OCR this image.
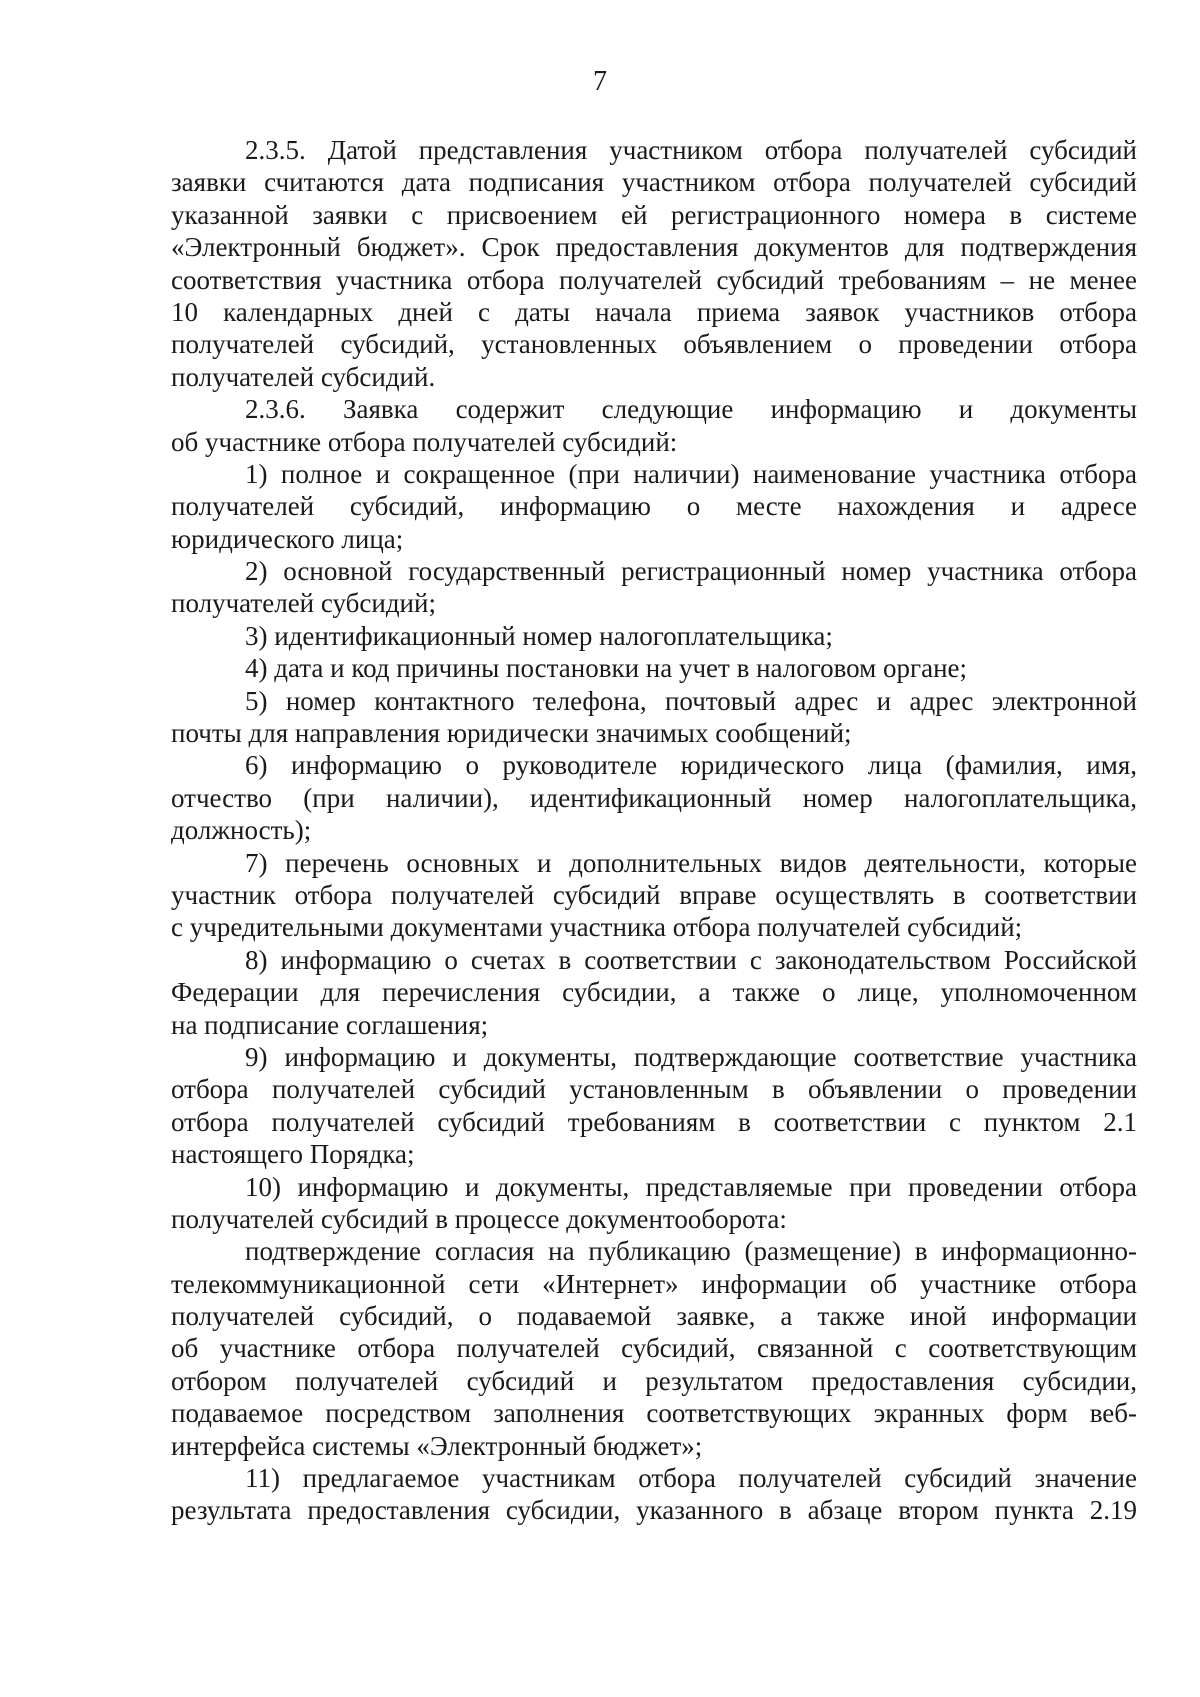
7

2.3.5. Датой представления участником отбора получателей субсидий
заявки считаются дата подписания участником отбора получателей субсидий
указанной заявки с присвоением ей регистрационного номера в системе
«Электронный бюджет». Срок предоставления документов для подтверждения
соответствия участника отбора получателей субсидий требованиям – не менее
10 календарных дней с даты начала приема заявок участников отбора
получателей субсидий, установленных объявлением о проведении отбора
получателей субсидий.

2.3.6. Заявка содержит следующие информацию и документы
об участнике отбора получателей субсидий:

1) полное и сокращенное (при наличии) наименование участника отбора
получателей субсидий, информацию о месте нахождения и адресе
юридического лица;

2) основной государственный регистрационный номер участника отбора
получателей субсидий;

3) идентификационный номер налогоплательщика;

4) дата и код причины постановки на учет в налоговом органе;

5) номер контактного телефона, почтовый адрес и адрес электронной
почты для направления юридически значимых сообщений;

6) информацию о руководителе юридического лица (фамилия, имя,
отчество (при наличии), идентификационный номер налогоплательщика,
должность);

7) перечень основных и дополнительных видов деятельности, которые
участник отбора получателей субсидий вправе осуществлять в соответствии
с учредительными документами участника отбора получателей субсидий;

8) информацию о счетах в соответствии с законодательством Российской
Федерации для перечисления субсидии, а также о лице, уполномоченном
на подписание соглашения;

9) информацию и документы, подтверждающие соответствие участника
отбора получателей субсидий установленным в объявлении о проведении
отбора получателей субсидий требованиям в соответствии с пунктом 2.1
настоящего Порядка;

10) информацию и документы, представляемые при проведении отбора
получателей субсидий в процессе документооборота:

подтверждение согласия на публикацию (размещение) в информационно-
телекоммуникационной сети «Интернет» информации об участнике отбора
получателей субсидий, о подаваемой заявке, а также иной информации
об участнике отбора получателей субсидий, связанной с соответствующим
отбором получателей субсидий и результатом предоставления субсидии,
подаваемое посредством заполнения соответствующих экранных форм веб-
интерфейса системы «Электронный бюджет»;

11) предлагаемое участникам отбора получателей субсидий значение
результата предоставления субсидии, указанного в абзаце втором пункта 2.19
